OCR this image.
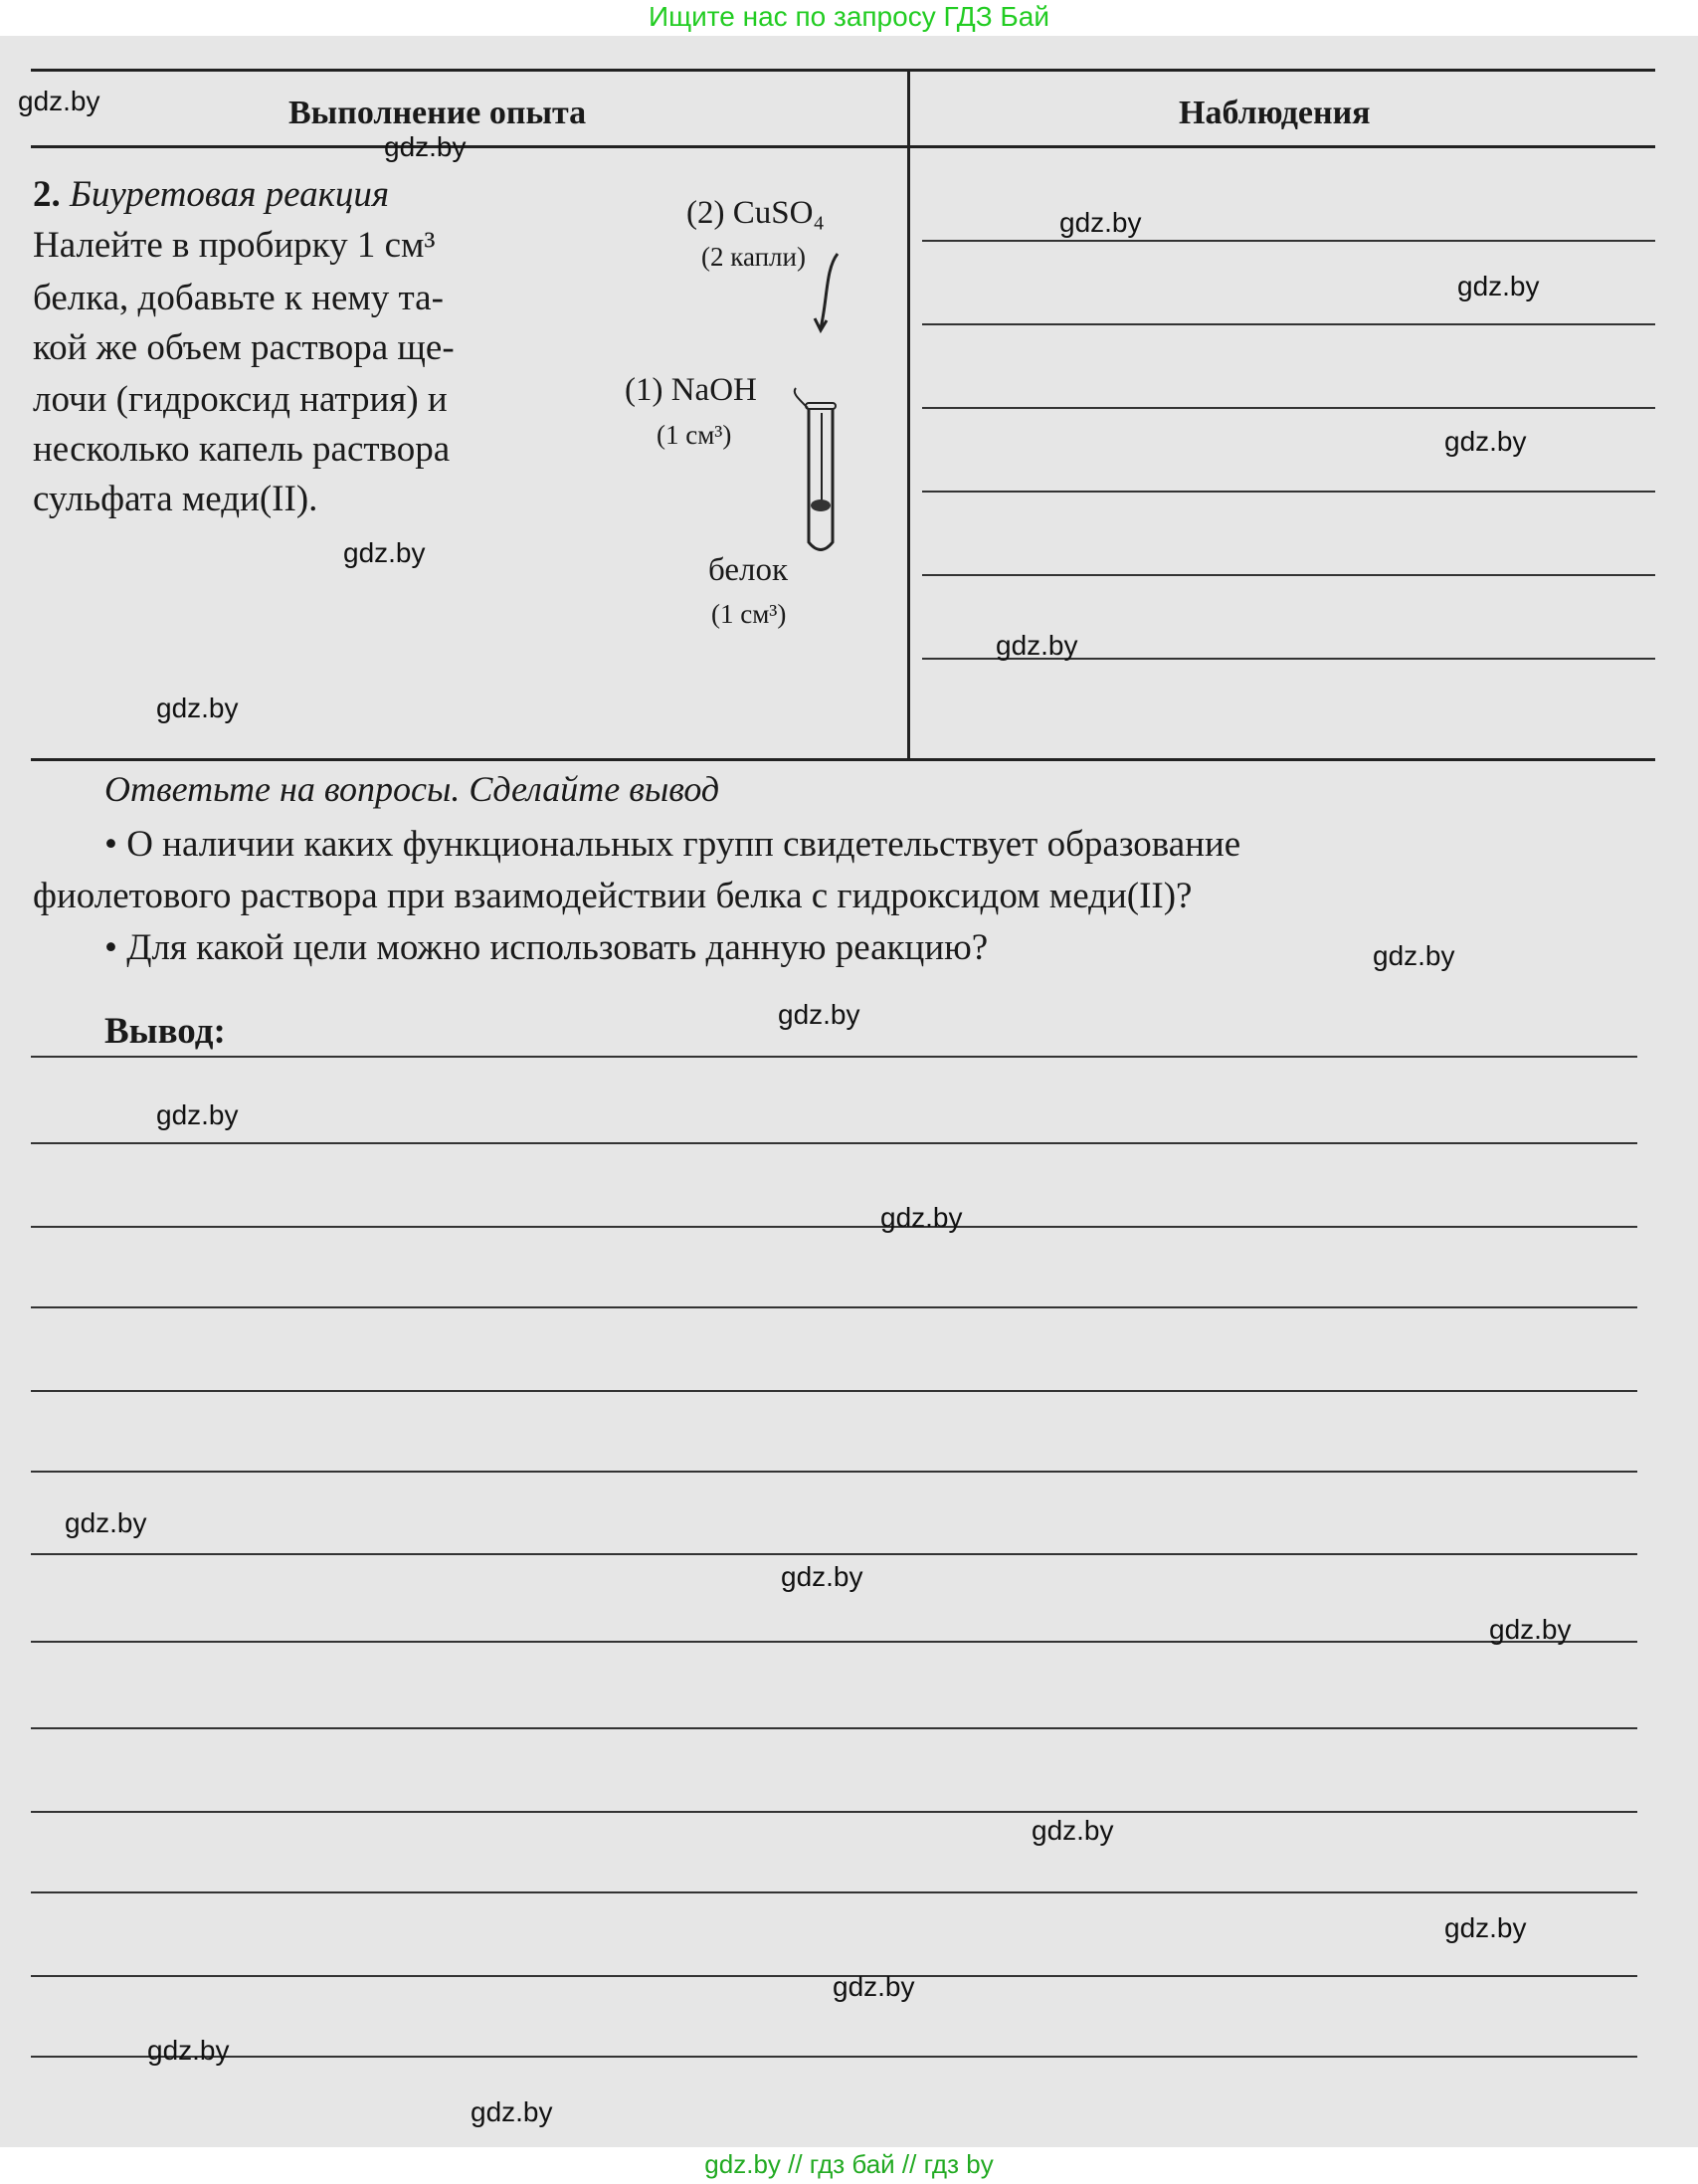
Ищите нас по запросу ГДЗ Бай
Выполнение опыта	Наблюдения
2. Биуретовая реакция
Налейте в пробирку 1 см³
белка, добавьте к нему та-
кой же объем раствора ще-
лочи (гидроксид натрия) и
несколько капель раствора
сульфата меди(II).
(2) CuSO₄
(2 капли)
(1) NaOH
(1 см³)
белок
(1 см³)
Ответьте на вопросы. Сделайте вывод
• О наличии каких функциональных групп свидетельствует образование
фиолетового раствора при взаимодействии белка с гидроксидом меди(II)?
• Для какой цели можно использовать данную реакцию?
Вывод:
gdz.by
gdz.by
gdz.by
gdz.by
gdz.by
gdz.by
gdz.by
gdz.by
gdz.by
gdz.by
gdz.by
gdz.by
gdz.by
gdz.by
gdz.by
gdz.by
gdz.by
gdz.by
gdz.by
gdz.by
gdz.by // гдз бай // гдз by
